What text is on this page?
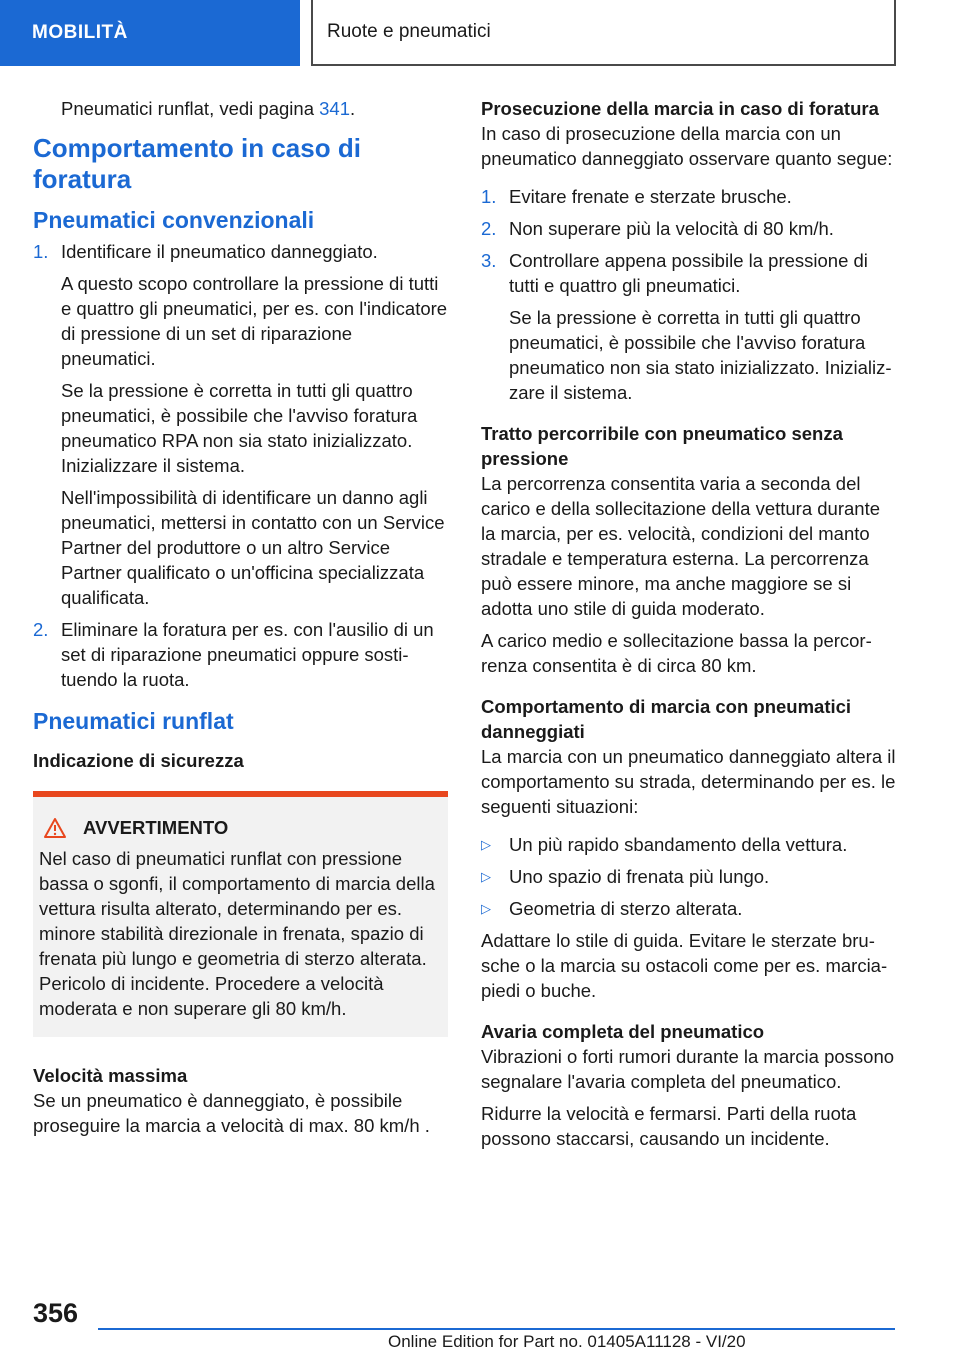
MOBILITÀ	Ruote e pneumatici

Pneumatici runflat, vedi pagina 341.

Comportamento in caso di foratura
Pneumatici convenzionali
1. Identificare il pneumatico danneggiato.
A questo scopo controllare la pressione di tutti e quattro gli pneumatici, per es. con l'indicatore di pressione di un set di riparazione pneumatici.
Se la pressione è corretta in tutti gli quattro pneumatici, è possibile che l'avviso foratura pneumatico RPA non sia stato inizializzato. Inizializzare il sistema.
Nell'impossibilità di identificare un danno agli pneumatici, mettersi in contatto con un Service Partner del produttore o un altro Service Partner qualificato o un'officina specializzata qualificata.
2. Eliminare la foratura per es. con l'ausilio di un set di riparazione pneumatici oppure sostituendo la ruota.
Pneumatici runflat
Indicazione di sicurezza
AVVERTIMENTO

Nel caso di pneumatici runflat con pressione bassa o sgonfi, il comportamento di marcia della vettura risulta alterato, determinando per es. minore stabilità direzionale in frenata, spazio di frenata più lungo e geometria di sterzo alterata. Pericolo di incidente. Procedere a velocità moderata e non superare gli 80 km/h.

Velocità massima

Se un pneumatico è danneggiato, è possibile proseguire la marcia a velocità di max. 80 km/h .

Prosecuzione della marcia in caso di foratura

In caso di prosecuzione della marcia con un pneumatico danneggiato osservare quanto segue:

1. Evitare frenate e sterzate brusche.
2. Non superare più la velocità di 80 km/h.
3. Controllare appena possibile la pressione di tutti e quattro gli pneumatici.
Se la pressione è corretta in tutti gli quattro pneumatici, è possibile che l'avviso foratura pneumatico non sia stato inizializzato. Inizializzare il sistema.
Tratto percorribile con pneumatico senza pressione

La percorrenza consentita varia a seconda del carico e della sollecitazione della vettura durante la marcia, per es. velocità, condizioni del manto stradale e temperatura esterna. La percorrenza può essere minore, ma anche maggiore se si adotta uno stile di guida moderato.

A carico medio e sollecitazione bassa la percorrenza consentita è di circa 80 km.

Comportamento di marcia con pneumatici danneggiati

La marcia con un pneumatico danneggiato altera il comportamento su strada, determinando per es. le seguenti situazioni:

▷ Un più rapido sbandamento della vettura.
▷ Uno spazio di frenata più lungo.
▷ Geometria di sterzo alterata.

Adattare lo stile di guida. Evitare le sterzate brusche o la marcia su ostacoli come per es. marciapiedi o buche.

Avaria completa del pneumatico

Vibrazioni o forti rumori durante la marcia possono segnalare l'avaria completa del pneumatico.

Ridurre la velocità e fermarsi. Parti della ruota possono staccarsi, causando un incidente.

356
Online Edition for Part no. 01405A11128 - VI/20
